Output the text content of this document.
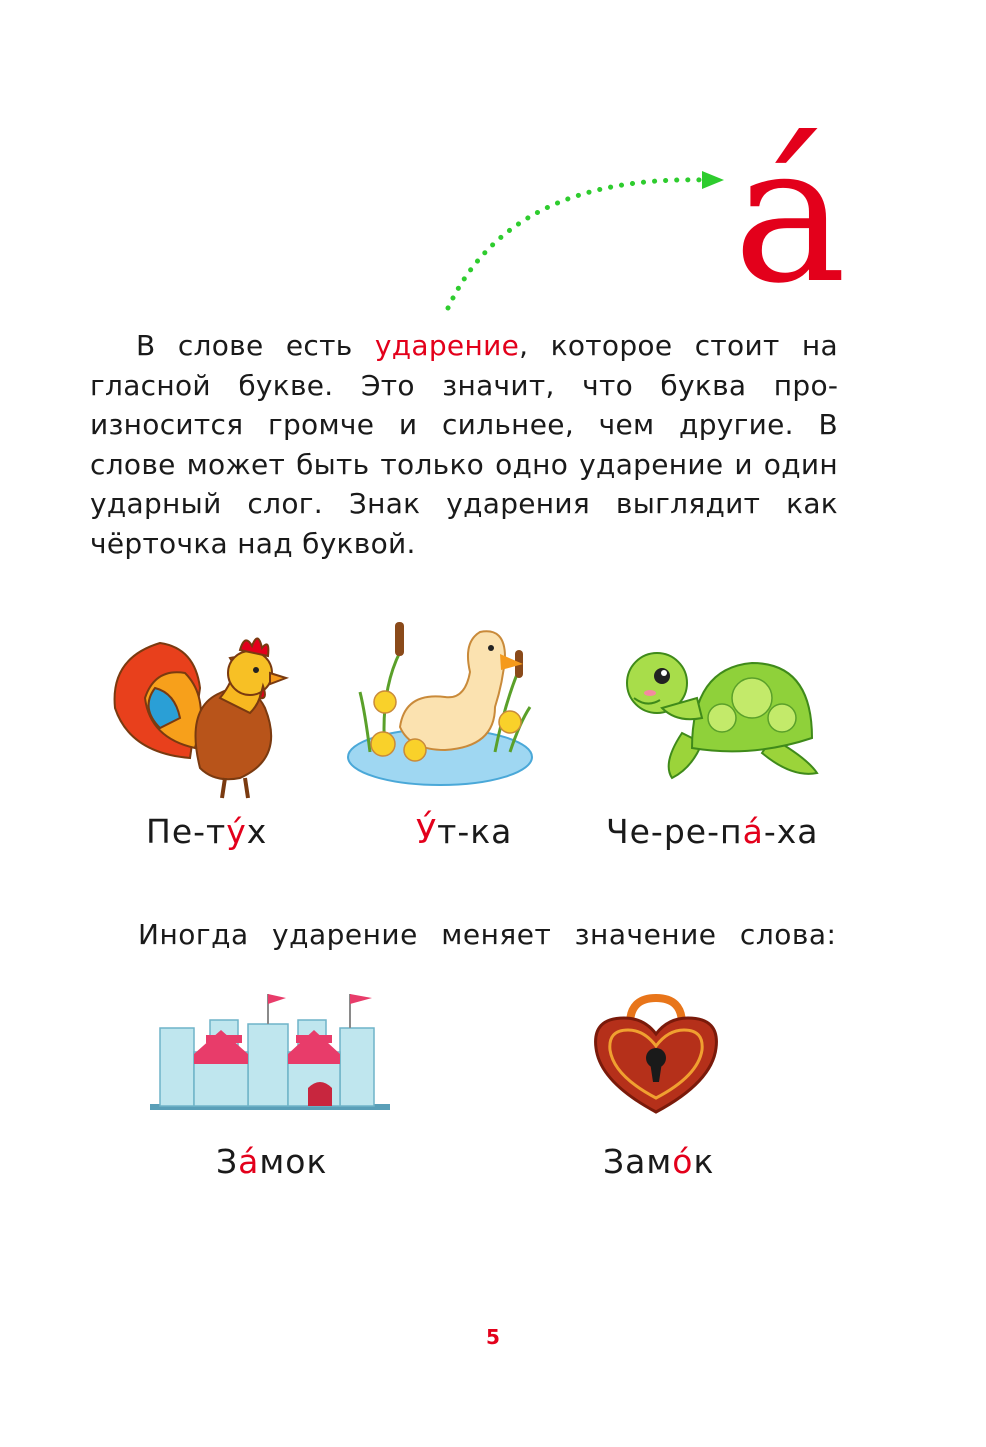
а́

В слове есть ударение, которое стоит на гласной букве. Это значит, что буква произносится громче и сильнее, чем другие. В слове может быть только одно ударение и один ударный слог. Знак ударения выглядит как чёрточка над буквой.

Пе-ту́х	У́т-ка	Че-ре-па́-ха
Иногда ударение меняет значение слова:
За́мок	Замо́к
5
